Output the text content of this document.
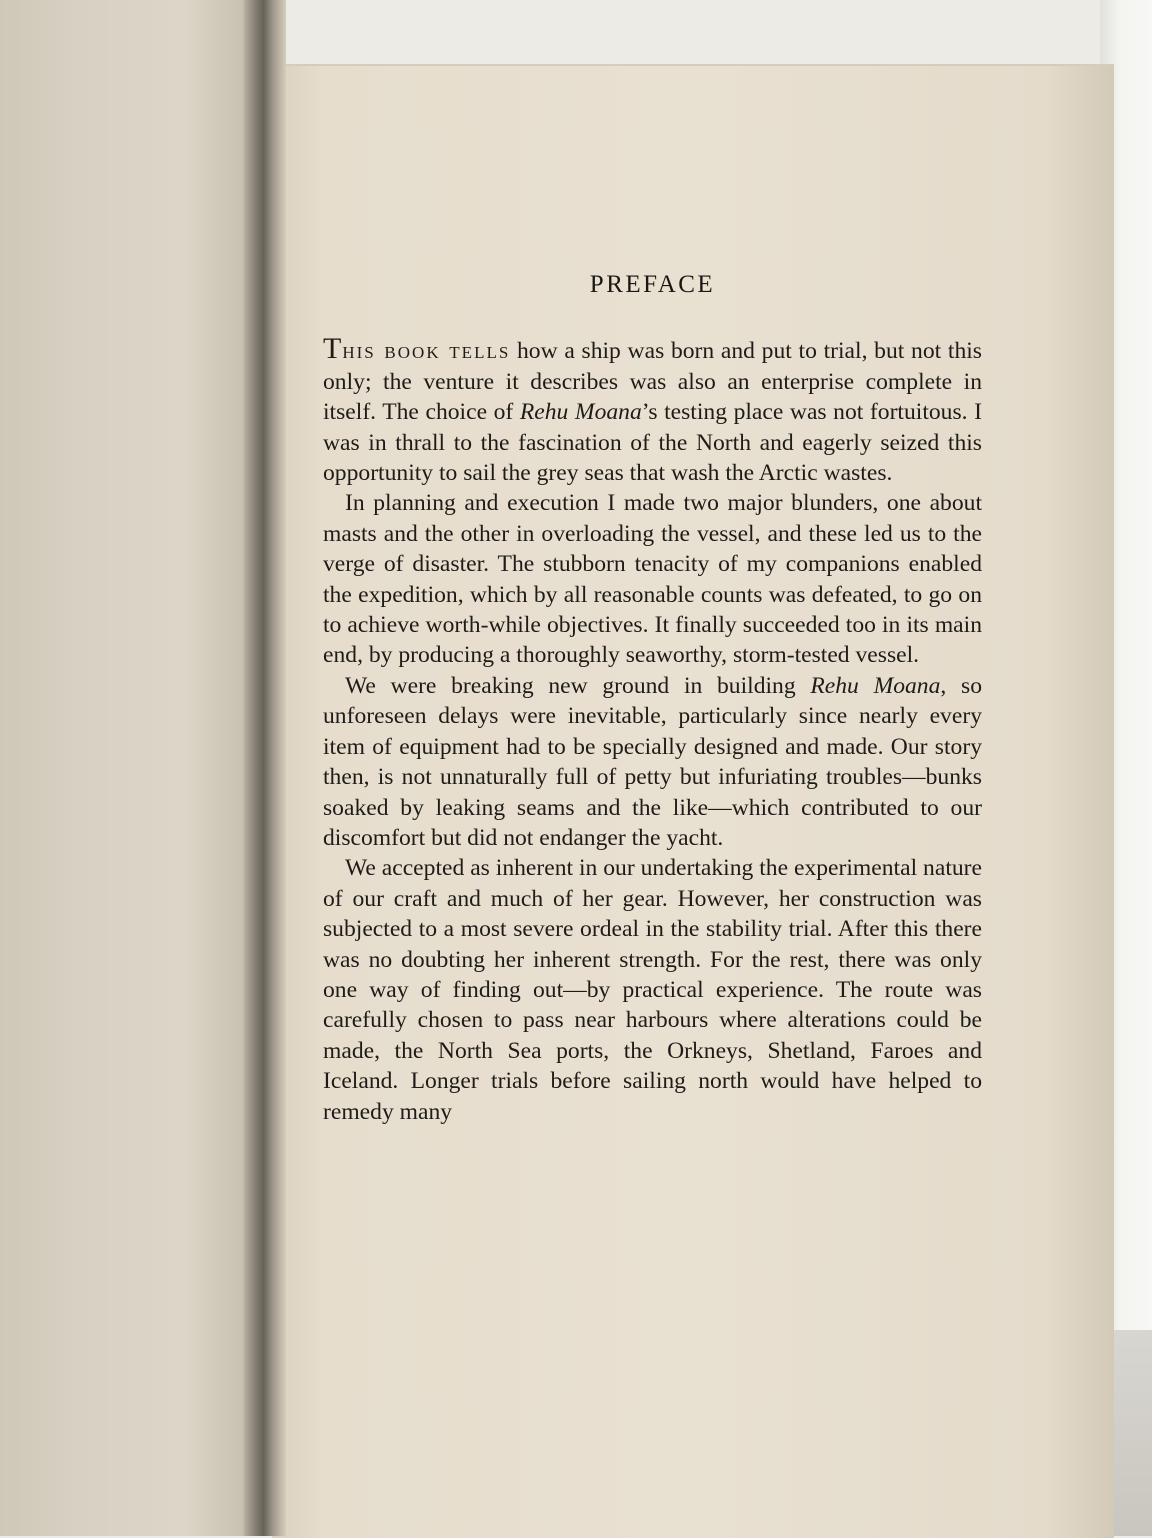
PREFACE

This book tells how a ship was born and put to trial, but not this only; the venture it describes was also an enterprise complete in itself. The choice of Rehu Moana’s testing place was not fortuitous. I was in thrall to the fascination of the North and eagerly seized this opportunity to sail the grey seas that wash the Arctic wastes.

In planning and execution I made two major blunders, one about masts and the other in overloading the vessel, and these led us to the verge of disaster. The stubborn tenacity of my companions enabled the expedition, which by all reasonable counts was defeated, to go on to achieve worth-while objectives. It finally succeeded too in its main end, by producing a thoroughly seaworthy, storm-tested vessel.

We were breaking new ground in building Rehu Moana, so unforeseen delays were inevitable, particularly since nearly every item of equipment had to be specially designed and made. Our story then, is not unnaturally full of petty but infuriating troubles—bunks soaked by leaking seams and the like—which contributed to our discomfort but did not endanger the yacht.

We accepted as inherent in our undertaking the experimental nature of our craft and much of her gear. However, her construction was subjected to a most severe ordeal in the stability trial. After this there was no doubting her inherent strength. For the rest, there was only one way of finding out—by practical experience. The route was carefully chosen to pass near harbours where alterations could be made, the North Sea ports, the Orkneys, Shetland, Faroes and Iceland. Longer trials before sailing north would have helped to remedy many
